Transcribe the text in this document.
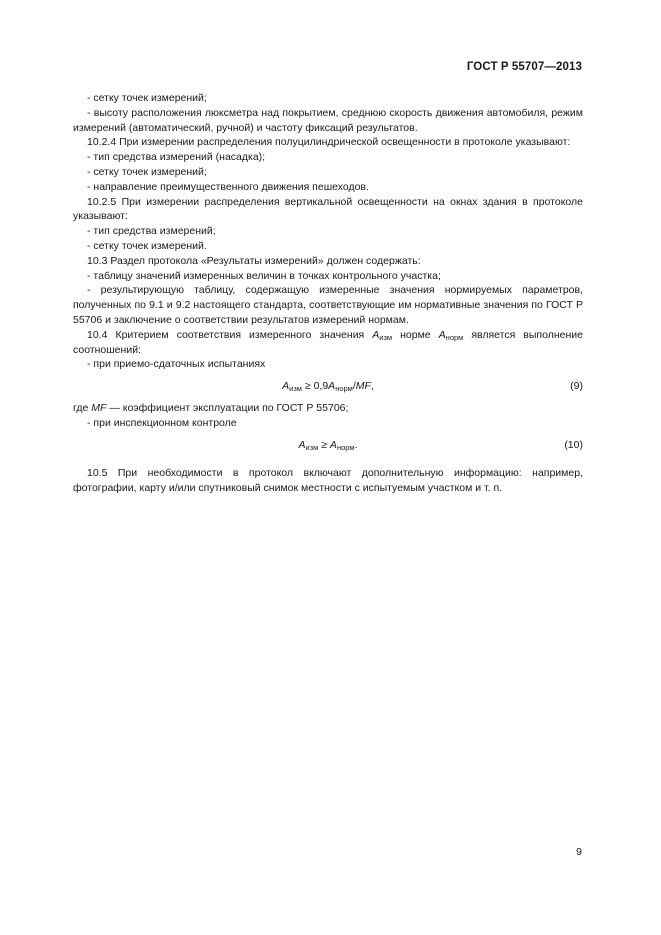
ГОСТ Р 55707—2013

- сетку точек измерений;

- высоту расположения люксметра над покрытием, среднюю скорость движения автомобиля, режим измерений (автоматический, ручной) и частоту фиксаций результатов.

10.2.4 При измерении распределения полуцилиндрической освещенности в протоколе указывают:

- тип средства измерений (насадка);

- сетку точек измерений;

- направление преимущественного движения пешеходов.

10.2.5 При измерении распределения вертикальной освещенности на окнах здания в протоколе указывают:

- тип средства измерений;

- сетку точек измерений.

10.3 Раздел протокола «Результаты измерений» должен содержать:

- таблицу значений измеренных величин в точках контрольного участка;

- результирующую таблицу, содержащую измеренные значения нормируемых параметров, полученных по 9.1 и 9.2 настоящего стандарта, соответствующие им нормативные значения по ГОСТ Р 55706 и заключение о соответствии результатов измерений нормам.

10.4 Критерием соответствия измеренного значения $A_{изм}$ норме $A_{норм}$ является выполнение соотношений:

- при приемо-сдаточных испытаниях

$A_{изм} \ge 0,9A_{норм}/MF$,	(9)

где MF — коэффициент эксплуатации по ГОСТ Р 55706;

- при инспекционном контроле

$A_{изм} \ge A_{норм}$.	(10)

10.5 При необходимости в протокол включают дополнительную информацию: например, фотографии, карту и/или спутниковый снимок местности с испытуемым участком и т. п.

9
